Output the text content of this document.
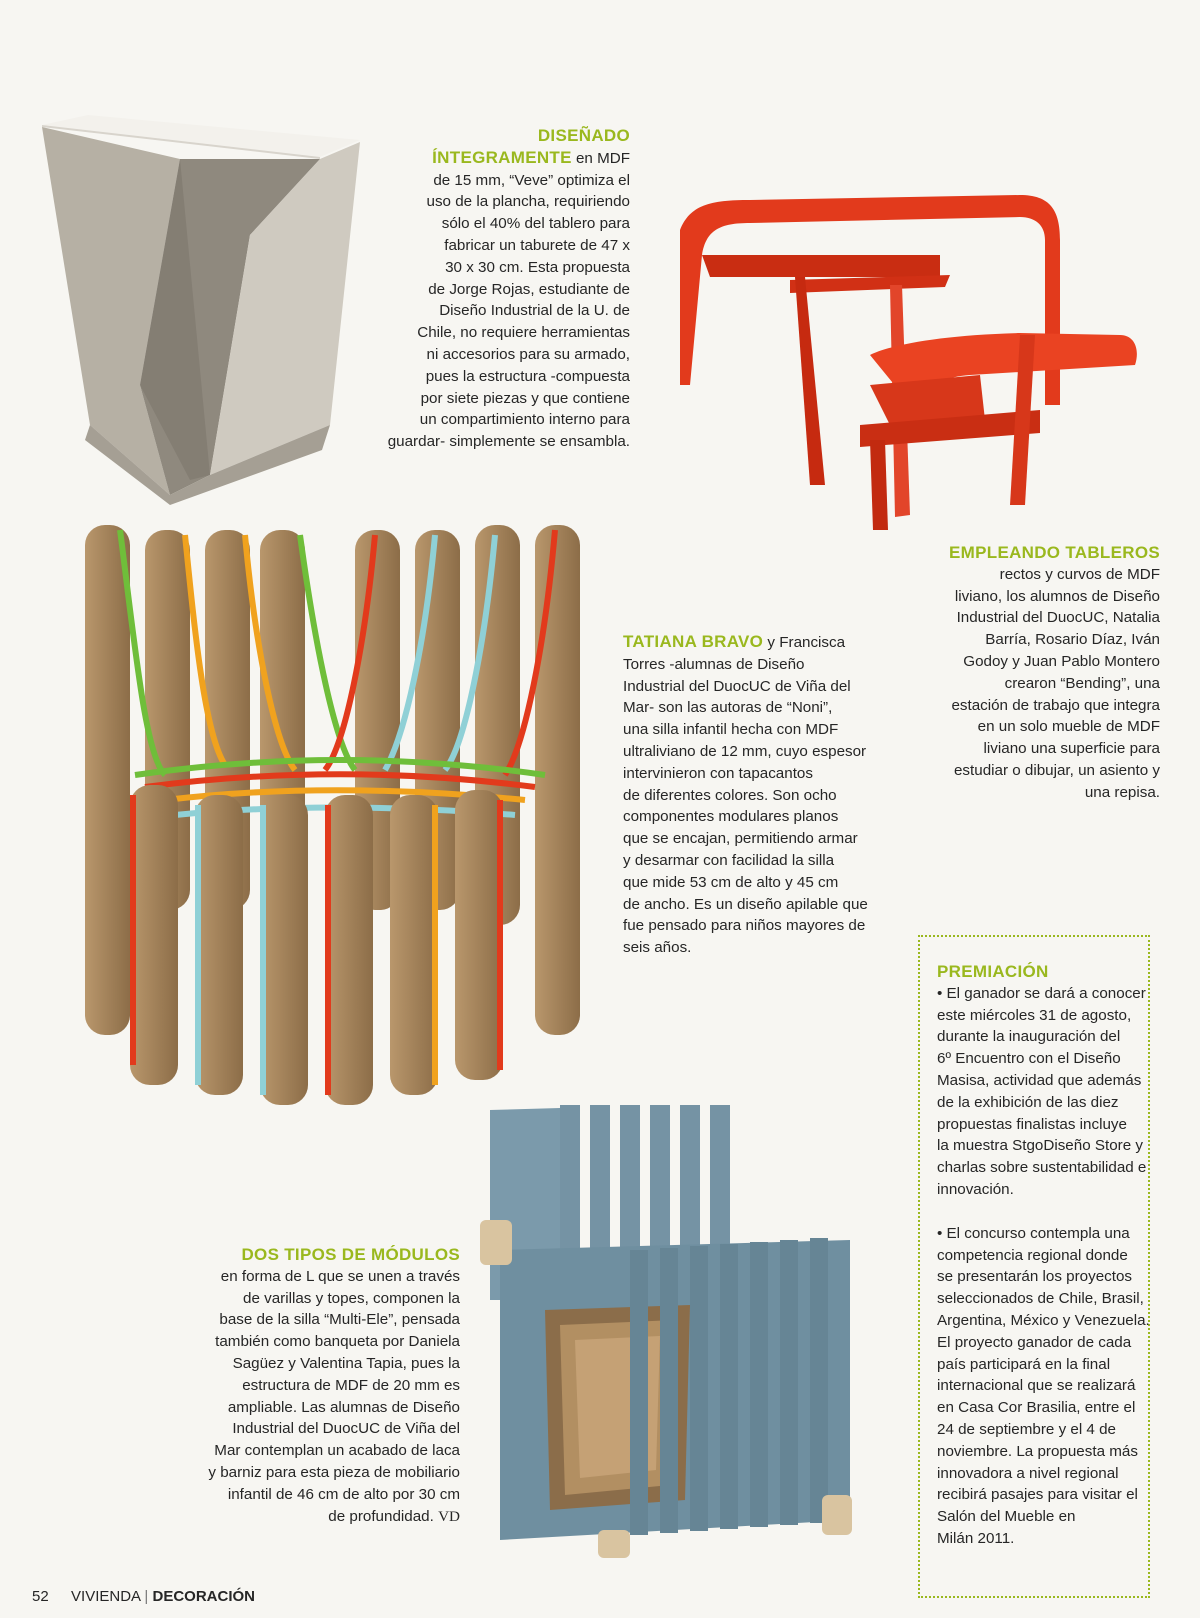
DISEÑADO
ÍNTEGRAMENTE en MDF
de 15 mm, “Veve” optimiza el
uso de la plancha, requiriendo
sólo el 40% del tablero para
fabricar un taburete de 47 x
30 x 30 cm. Esta propuesta
de Jorge Rojas, estudiante de
Diseño Industrial de la U. de
Chile, no requiere herramientas
ni accesorios para su armado,
pues la estructura -compuesta
por siete piezas y que contiene
un compartimiento interno para
guardar- simplemente se ensambla.
EMPLEANDO TABLEROS
rectos y curvos de MDF
liviano, los alumnos de Diseño
Industrial del DuocUC, Natalia
Barría, Rosario Díaz, Iván
Godoy y Juan Pablo Montero
crearon “Bending”, una
estación de trabajo que integra
en un solo mueble de MDF
liviano una superficie para
estudiar o dibujar, un asiento y
una repisa.
TATIANA BRAVO y Francisca
Torres -alumnas de Diseño
Industrial del DuocUC de Viña del
Mar- son las autoras de “Noni”,
una silla infantil hecha con MDF
ultraliviano de 12 mm, cuyo espesor
intervinieron con tapacantos
de diferentes colores. Son ocho
componentes modulares planos
que se encajan, permitiendo armar
y desarmar con facilidad la silla
que mide 53 cm de alto y 45 cm
de ancho. Es un diseño apilable que
fue pensado para niños mayores de
seis años.
DOS TIPOS DE MÓDULOS
en forma de L que se unen a través
de varillas y topes, componen la
base de la silla “Multi-Ele”, pensada
también como banqueta por Daniela
Sagüez y Valentina Tapia, pues la
estructura de MDF de 20 mm es
ampliable. Las alumnas de Diseño
Industrial del DuocUC de Viña del
Mar contemplan un acabado de laca
y barniz para esta pieza de mobiliario
infantil de 46 cm de alto por 30 cm
de profundidad. VD
PREMIACIÓN
• El ganador se dará a conocer
este miércoles 31 de agosto,
durante la inauguración del
6º Encuentro con el Diseño
Masisa, actividad que además
de la exhibición de las diez
propuestas finalistas incluye
la muestra StgoDiseño Store y
charlas sobre sustentabilidad e
innovación.
• El concurso contempla una
competencia regional donde
se presentarán los proyectos
seleccionados de Chile, Brasil,
Argentina, México y Venezuela.
El proyecto ganador de cada
país participará en la final
internacional que se realizará
en Casa Cor Brasilia, entre el
24 de septiembre y el 4 de
noviembre. La propuesta más
innovadora a nivel regional
recibirá pasajes para visitar el
Salón del Mueble en
Milán 2011.
52 VIVIENDA | DECORACIÓN
